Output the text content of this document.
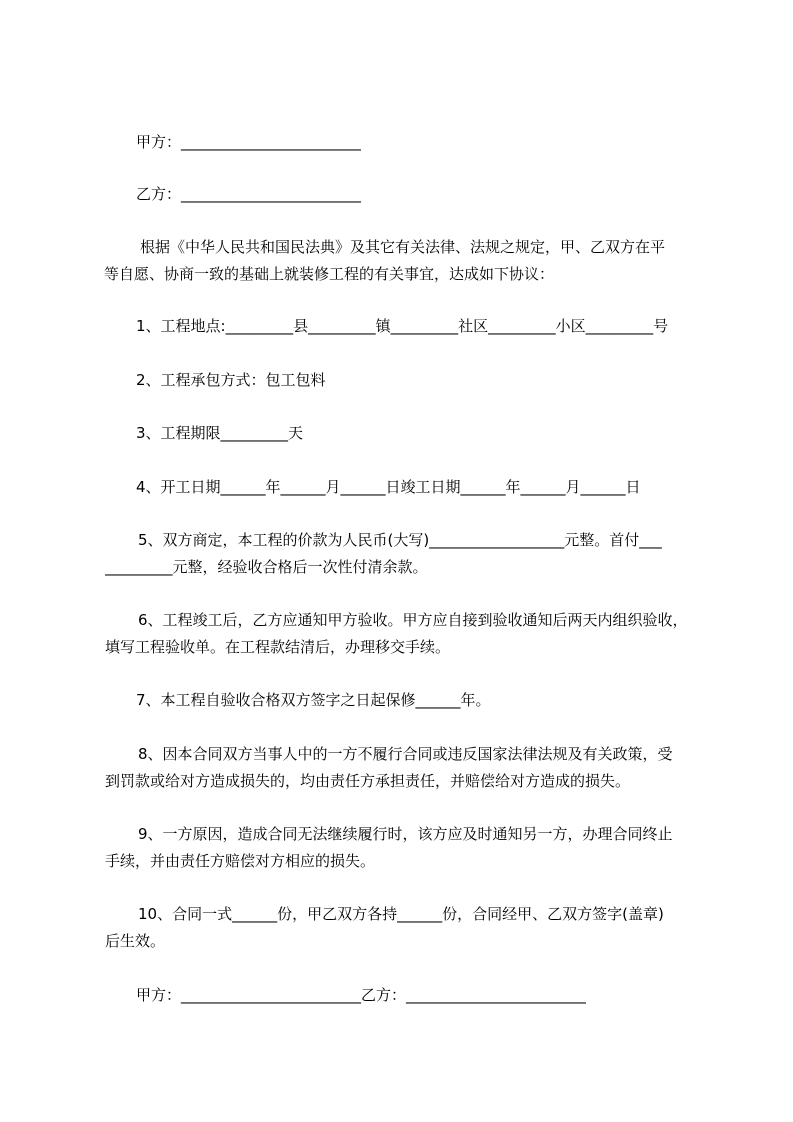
甲方：________________________
乙方：________________________
根据《中华人民共和国民法典》及其它有关法律、法规之规定，甲、乙双方在平
等自愿、协商一致的基础上就装修工程的有关事宜，达成如下协议：
1、工程地点:_________县_________镇_________社区_________小区_________号
2、工程承包方式：包工包料
3、工程期限_________天
4、开工日期______年______月______日竣工日期______年______月______日
5、双方商定，本工程的价款为人民币(大写)__________________元整。首付___
_________元整，经验收合格后一次性付清余款。
6、工程竣工后，乙方应通知甲方验收。甲方应自接到验收通知后两天内组织验收，
填写工程验收单。在工程款结清后，办理移交手续。
7、本工程自验收合格双方签字之日起保修______年。
8、因本合同双方当事人中的一方不履行合同或违反国家法律法规及有关政策，受
到罚款或给对方造成损失的，均由责任方承担责任，并赔偿给对方造成的损失。
9、一方原因，造成合同无法继续履行时，该方应及时通知另一方，办理合同终止
手续，并由责任方赔偿对方相应的损失。
10、合同一式______份，甲乙双方各持______份，合同经甲、乙双方签字(盖章)
后生效。
甲方：________________________乙方：________________________
